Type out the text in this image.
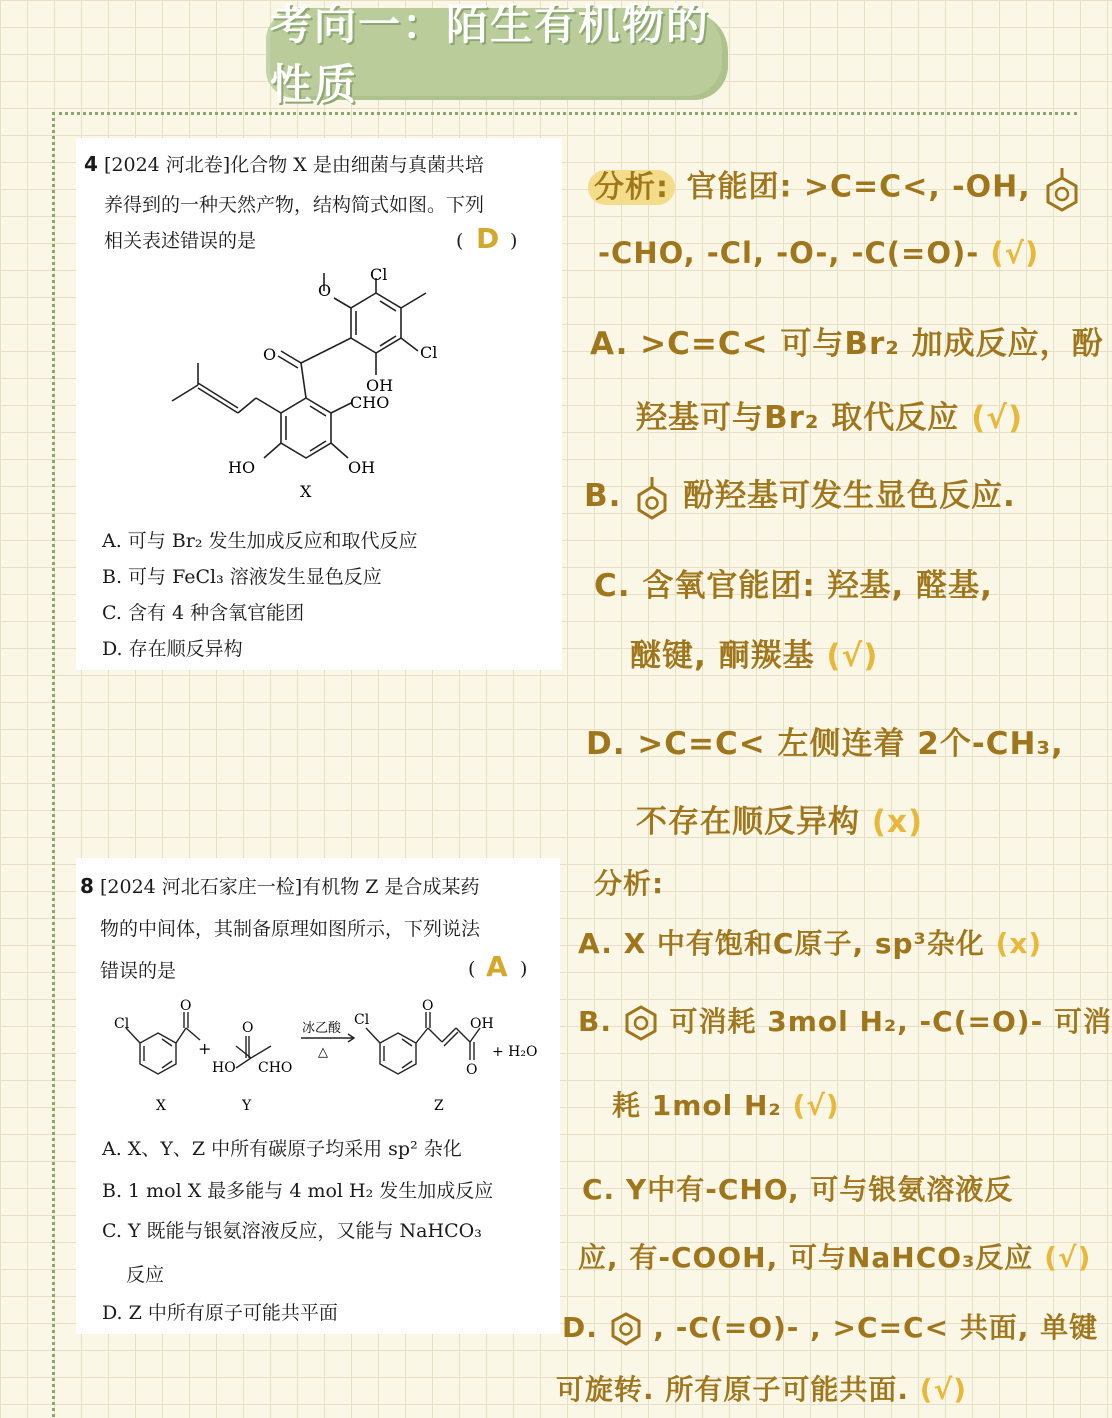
考向一：陌生有机物的性质
4 [2024 河北卷]化合物 X 是由细菌与真菌共培
养得到的一种天然产物，结构简式如图。下列
相关表述错误的是	( D )
Cl
Cl
O
O
OH
CHO
HO	OH
X
A. 可与 Br₂ 发生加成反应和取代反应
B. 可与 FeCl₃ 溶液发生显色反应
C. 含有 4 种含氧官能团
D. 存在顺反异构
8 [2024 河北石家庄一检]有机物 Z 是合成某药
物的中间体，其制备原理如图所示，下列说法
错误的是	( A )
Cl
O
+
O
HO CHO
冰乙酸
△
Cl
O
OH
O
+ H₂O
X	Y	Z
A. X、Y、Z 中所有碳原子均采用 sp² 杂化
B. 1 mol X 最多能与 4 mol H₂ 发生加成反应
C. Y 既能与银氨溶液反应，又能与 NaHCO₃
反应
D. Z 中所有原子可能共平面
分析: 官能团: >C=C<, -OH,
-CHO, -Cl, -O-, -C(=O)- (√)
A. >C=C< 可与Br₂ 加成反应，酚
羟基可与Br₂ 取代反应 (√)
B. 酚羟基可发生显色反应.
C. 含氧官能团: 羟基, 醛基,
醚键, 酮羰基 (√)
D. >C=C< 左侧连着 2个-CH₃,
不存在顺反异构 (x)
分析:
A. X 中有饱和C原子, sp³杂化 (x)
B. 可消耗 3mol H₂, -C(=O)- 可消
耗 1mol H₂ (√)
C. Y中有-CHO, 可与银氨溶液反
应, 有-COOH, 可与NaHCO₃反应 (√)
D. , -C(=O)- , >C=C< 共面, 单键
可旋转. 所有原子可能共面. (√)
